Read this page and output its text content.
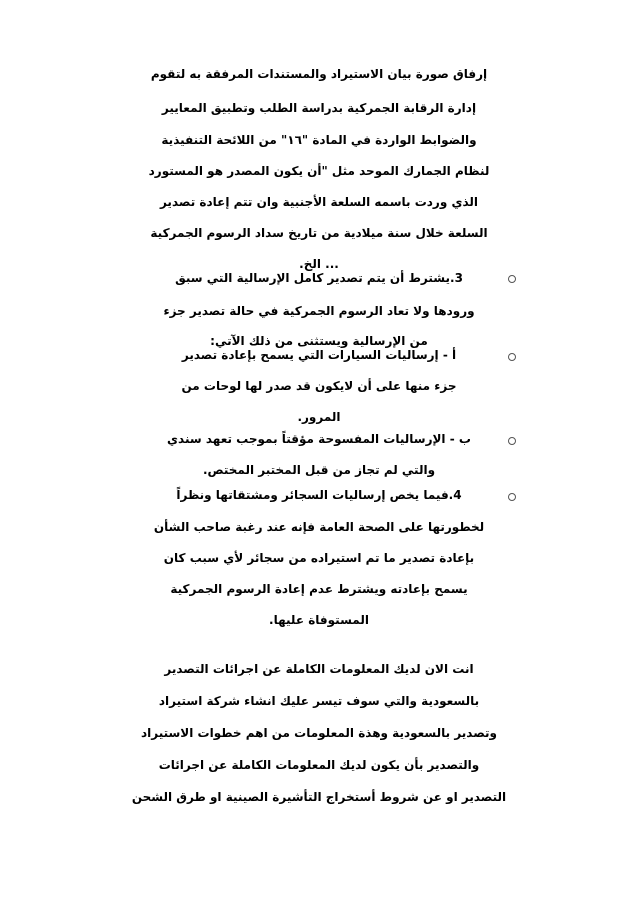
إرفاق صورة بيان الاستيراد والمستندات المرفقة به لتقوم
إدارة الرقابة الجمركية بدراسة الطلب وتطبيق المعايير
والضوابط الواردة في المادة "١٦" من اللائحة التنفيذية
لنظام الجمارك الموحد مثل "أن يكون المصدر هو المستورد
الذي وردت باسمه السلعة الأجنبية وان تتم إعادة تصدير
السلعة خلال سنة ميلادية من تاريخ سداد الرسوم الجمركية
... الخ.
3.يشترط أن يتم تصدير كامل الإرسالية التي سبق
ورودها ولا تعاد الرسوم الجمركية في حالة تصدير جزء
من الإرسالية ويستثنى من ذلك الآتي:
أ - إرساليات السيارات التي يسمح بإعادة تصدير
جزء منها على أن لايكون قد صدر لها لوحات من
المرور.
ب - الإرساليات المفسوحة مؤقتاً بموجب تعهد سندي
والتي لم تجاز من قبل المختبر المختص.
4.فيما يخص إرساليات السجائر ومشتقاتها ونظراً
لخطورتها على الصحة العامة فإنه عند رغبة صاحب الشأن
بإعادة تصدير ما تم استيراده من سجائر لأي سبب كان
يسمح بإعادته ويشترط عدم إعادة الرسوم الجمركية
المستوفاة عليها.
انت الان لديك المعلومات الكاملة عن اجرائات التصدير
بالسعودية والتي سوف تيسر عليك انشاء شركة استيراد
وتصدير بالسعودية وهذة المعلومات من اهم خطوات الاستيراد
والتصدير بأن يكون لديك المعلومات الكاملة عن اجرائات
التصدير او عن شروط أستخراج التأشيرة الصينية او طرق الشحن
